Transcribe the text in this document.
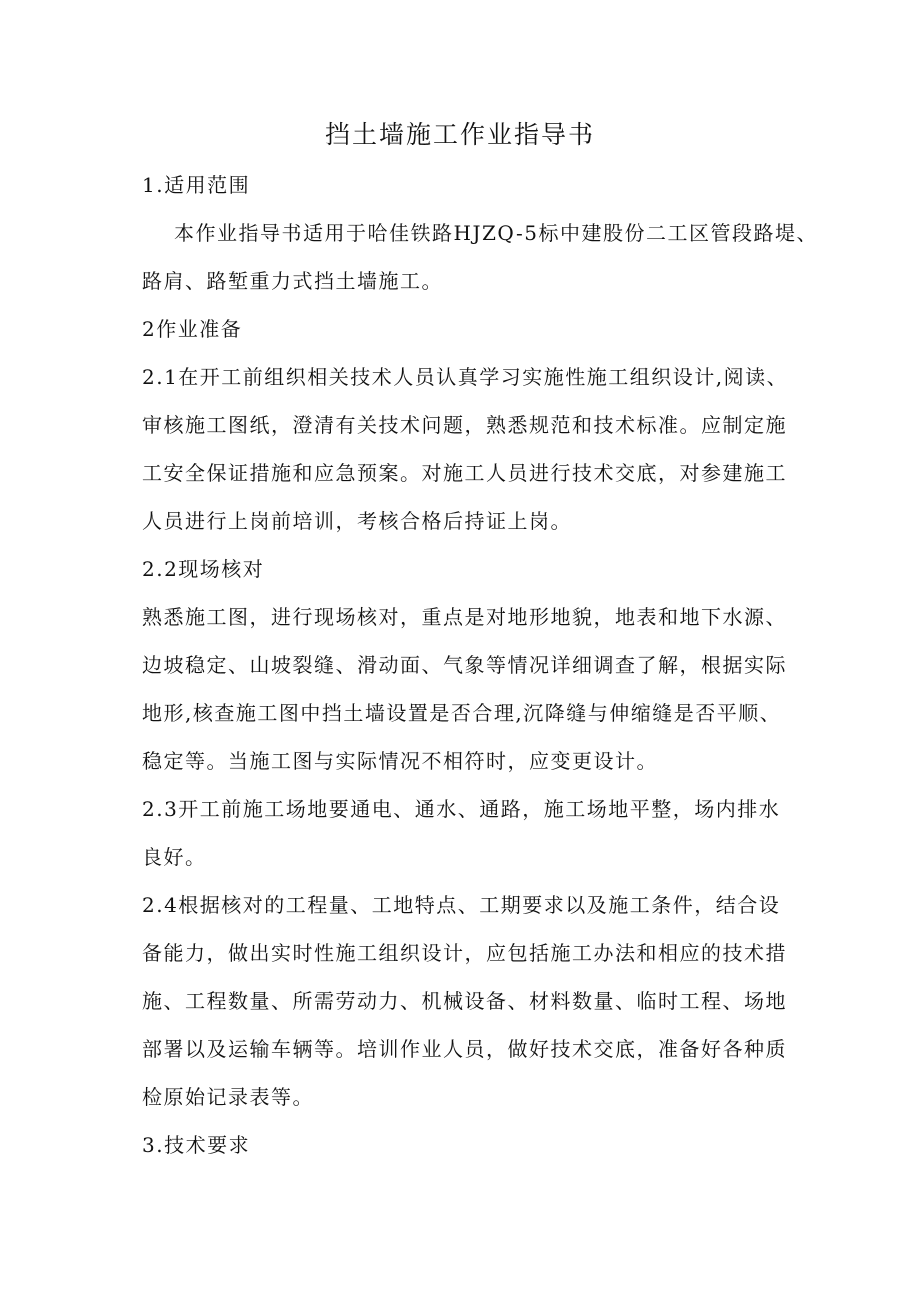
挡土墙施工作业指导书
1.适用范围
本作业指导书适用于哈佳铁路HJZQ-5标中建股份二工区管段路堤、
路肩、路堑重力式挡土墙施工。
2作业准备
2.1在开工前组织相关技术人员认真学习实施性施工组织设计,阅读、
审核施工图纸，澄清有关技术问题，熟悉规范和技术标准。应制定施
工安全保证措施和应急预案。对施工人员进行技术交底，对参建施工
人员进行上岗前培训，考核合格后持证上岗。
2.2现场核对
熟悉施工图，进行现场核对，重点是对地形地貌，地表和地下水源、
边坡稳定、山坡裂缝、滑动面、气象等情况详细调查了解，根据实际
地形,核查施工图中挡土墙设置是否合理,沉降缝与伸缩缝是否平顺、
稳定等。当施工图与实际情况不相符时，应变更设计。
2.3开工前施工场地要通电、通水、通路，施工场地平整，场内排水
良好。
2.4根据核对的工程量、工地特点、工期要求以及施工条件，结合设
备能力，做出实时性施工组织设计，应包括施工办法和相应的技术措
施、工程数量、所需劳动力、机械设备、材料数量、临时工程、场地
部署以及运输车辆等。培训作业人员，做好技术交底，准备好各种质
检原始记录表等。
3.技术要求
